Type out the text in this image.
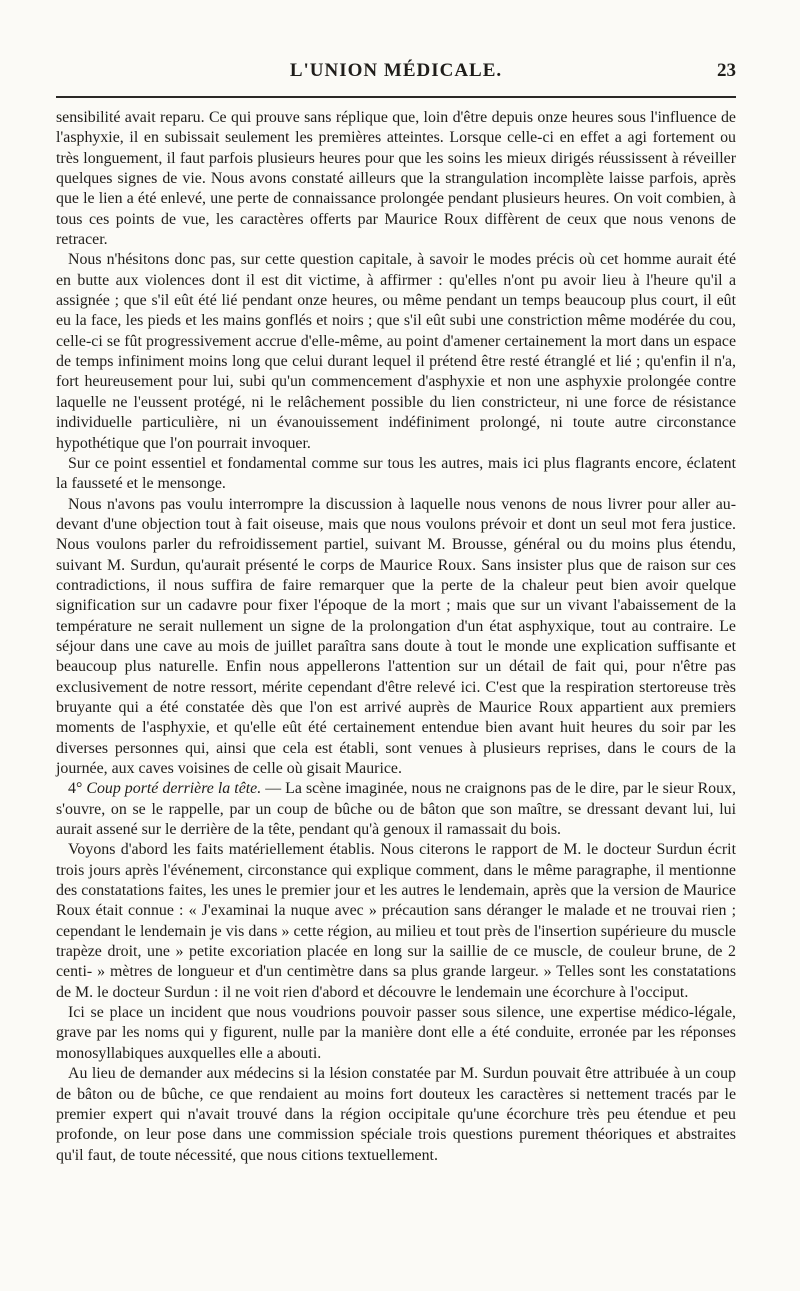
L'UNION MÉDICALE.	23

sensibilité avait reparu. Ce qui prouve sans réplique que, loin d'être depuis onze heures sous l'influence de l'asphyxie, il en subissait seulement les premières atteintes. Lorsque celle-ci en effet a agi fortement ou très longuement, il faut parfois plusieurs heures pour que les soins les mieux dirigés réussissent à réveiller quelques signes de vie. Nous avons constaté ailleurs que la strangulation incomplète laisse parfois, après que le lien a été enlevé, une perte de connaissance prolongée pendant plusieurs heures. On voit combien, à tous ces points de vue, les caractères offerts par Maurice Roux diffèrent de ceux que nous venons de retracer.

Nous n'hésitons donc pas, sur cette question capitale, à savoir le modes précis où cet homme aurait été en butte aux violences dont il est dit victime, à affirmer : qu'elles n'ont pu avoir lieu à l'heure qu'il a assignée ; que s'il eût été lié pendant onze heures, ou même pendant un temps beaucoup plus court, il eût eu la face, les pieds et les mains gonflés et noirs ; que s'il eût subi une constriction même modérée du cou, celle-ci se fût progressivement accrue d'elle-même, au point d'amener certainement la mort dans un espace de temps infiniment moins long que celui durant lequel il prétend être resté étranglé et lié ; qu'enfin il n'a, fort heureusement pour lui, subi qu'un commencement d'asphyxie et non une asphyxie prolongée contre laquelle ne l'eussent protégé, ni le relâchement possible du lien constricteur, ni une force de résistance individuelle particulière, ni un évanouissement indéfiniment prolongé, ni toute autre circonstance hypothétique que l'on pourrait invoquer.

Sur ce point essentiel et fondamental comme sur tous les autres, mais ici plus flagrants encore, éclatent la fausseté et le mensonge.

Nous n'avons pas voulu interrompre la discussion à laquelle nous venons de nous livrer pour aller au-devant d'une objection tout à fait oiseuse, mais que nous voulons prévoir et dont un seul mot fera justice. Nous voulons parler du refroidissement partiel, suivant M. Brousse, général ou du moins plus étendu, suivant M. Surdun, qu'aurait présenté le corps de Maurice Roux. Sans insister plus que de raison sur ces contradictions, il nous suffira de faire remarquer que la perte de la chaleur peut bien avoir quelque signification sur un cadavre pour fixer l'époque de la mort ; mais que sur un vivant l'abaissement de la température ne serait nullement un signe de la prolongation d'un état asphyxique, tout au contraire. Le séjour dans une cave au mois de juillet paraîtra sans doute à tout le monde une explication suffisante et beaucoup plus naturelle. Enfin nous appellerons l'attention sur un détail de fait qui, pour n'être pas exclusivement de notre ressort, mérite cependant d'être relevé ici. C'est que la respiration stertoreuse très bruyante qui a été constatée dès que l'on est arrivé auprès de Maurice Roux appartient aux premiers moments de l'asphyxie, et qu'elle eût été certainement entendue bien avant huit heures du soir par les diverses personnes qui, ainsi que cela est établi, sont venues à plusieurs reprises, dans le cours de la journée, aux caves voisines de celle où gisait Maurice.

4° Coup porté derrière la tête. — La scène imaginée, nous ne craignons pas de le dire, par le sieur Roux, s'ouvre, on se le rappelle, par un coup de bûche ou de bâton que son maître, se dressant devant lui, lui aurait assené sur le derrière de la tête, pendant qu'à genoux il ramassait du bois.

Voyons d'abord les faits matériellement établis. Nous citerons le rapport de M. le docteur Surdun écrit trois jours après l'événement, circonstance qui explique comment, dans le même paragraphe, il mentionne des constatations faites, les unes le premier jour et les autres le lendemain, après que la version de Maurice Roux était connue : « J'examinai la nuque avec » précaution sans déranger le malade et ne trouvai rien ; cependant le lendemain je vis dans » cette région, au milieu et tout près de l'insertion supérieure du muscle trapèze droit, une » petite excoriation placée en long sur la saillie de ce muscle, de couleur brune, de 2 centi- » mètres de longueur et d'un centimètre dans sa plus grande largeur. » Telles sont les constatations de M. le docteur Surdun : il ne voit rien d'abord et découvre le lendemain une écorchure à l'occiput.

Ici se place un incident que nous voudrions pouvoir passer sous silence, une expertise médico-légale, grave par les noms qui y figurent, nulle par la manière dont elle a été conduite, erronée par les réponses monosyllabiques auxquelles elle a abouti.

Au lieu de demander aux médecins si la lésion constatée par M. Surdun pouvait être attribuée à un coup de bâton ou de bûche, ce que rendaient au moins fort douteux les caractères si nettement tracés par le premier expert qui n'avait trouvé dans la région occipitale qu'une écorchure très peu étendue et peu profonde, on leur pose dans une commission spéciale trois questions purement théoriques et abstraites qu'il faut, de toute nécessité, que nous citions textuellement.
